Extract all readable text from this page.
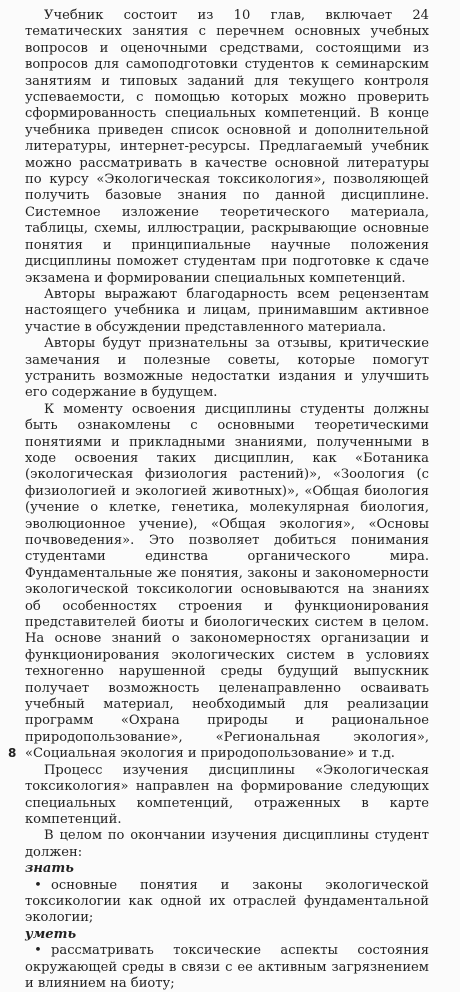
Учебник состоит из 10 глав, включает 24 тематических занятия с перечнем основных учебных вопросов и оценочными средствами, состоящими из вопросов для самоподготовки студентов к семинарским занятиям и типовых заданий для текущего контроля успеваемости, с помощью которых можно проверить сформированность специальных компетенций. В конце учебника приведен список основной и дополнительной литературы, интернет-ресурсы. Предлагаемый учебник можно рассматривать в качестве основной литературы по курсу «Экологическая токсикология», позволяющей получить базовые знания по данной дисциплине. Системное изложение теоретического материала, таблицы, схемы, иллюстрации, раскрывающие основные понятия и принципиальные научные положения дисциплины поможет студентам при подготовке к сдаче экзамена и формировании специальных компетенций.

Авторы выражают благодарность всем рецензентам настоящего учебника и лицам, принимавшим активное участие в обсуждении представленного материала.

Авторы будут признательны за отзывы, критические замечания и полезные советы, которые помогут устранить возможные недостатки издания и улучшить его содержание в будущем.

К моменту освоения дисциплины студенты должны быть ознакомлены с основными теоретическими понятиями и прикладными знаниями, полученными в ходе освоения таких дисциплин, как «Ботаника (экологическая физиология растений)», «Зоология (с физиологией и экологией животных)», «Общая биология (учение о клетке, генетика, молекулярная биология, эволюционное учение), «Общая экология», «Основы почвоведения». Это позволяет добиться понимания студентами единства органического мира. Фундаментальные же понятия, законы и закономерности экологической токсикологии основываются на знаниях об особенностях строения и функционирования представителей биоты и биологических систем в целом. На основе знаний о закономерностях организации и функционирования экологических систем в условиях техногенно нарушенной среды будущий выпускник получает возможность целенаправленно осваивать учебный материал, необходимый для реализации программ «Охрана природы и рациональное природопользование», «Региональная экология», «Социальная экология и природопользование» и т.д.

Процесс изучения дисциплины «Экологическая токсикология» направлен на формирование следующих специальных компетенций, отраженных в карте компетенций.

В целом по окончании изучения дисциплины студент должен:

знать

• основные понятия и законы экологической токсикологии как одной их отраслей фундаментальной экологии;

уметь

• рассматривать токсические аспекты состояния окружающей среды в связи с ее активным загрязнением и влиянием на биоту;

8
